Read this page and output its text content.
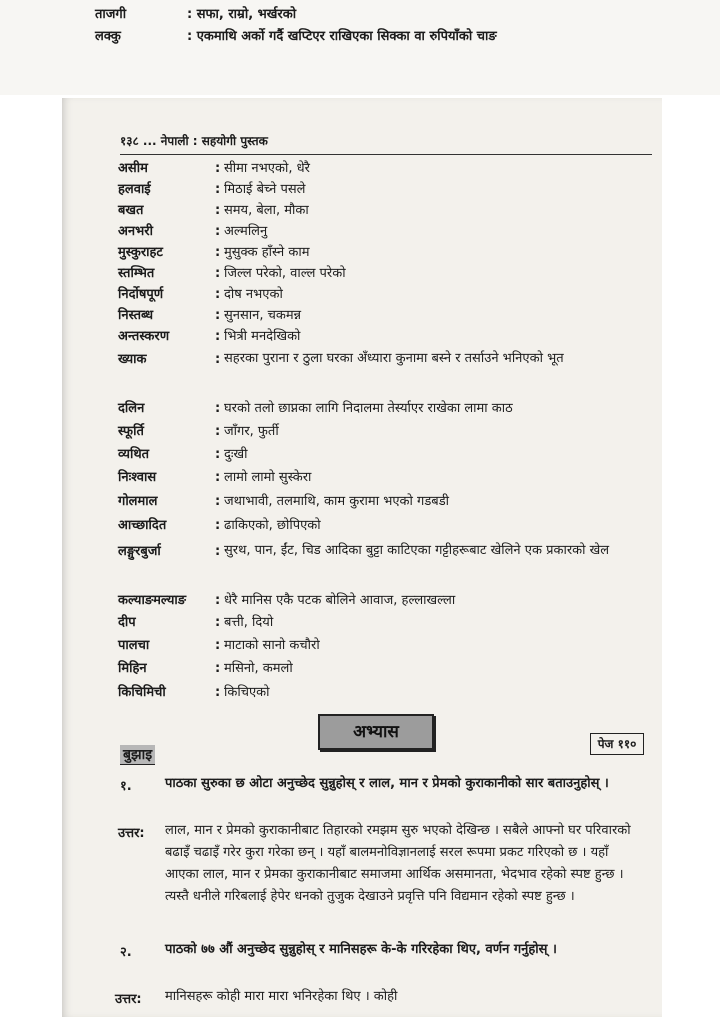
ताजगी	: सफा, राम्रो, भर्खरको
लक्कु	: एकमाथि अर्को गर्दै खप्टिएर राखिएका सिक्का वा रुपियाँको चाङ
१३८ ... नेपाली : सहयोगी पुस्तक
असीम	: सीमा नभएको, धेरै
हलवाई	: मिठाई बेच्ने पसले
बखत	: समय, बेला, मौका
अनभरी	: अल्मलिनु
मुस्कुराहट	: मुसुक्क हाँस्ने काम
स्तम्भित	: जिल्ल परेको, वाल्ल परेको
निर्दोषपूर्ण	: दोष नभएको
निस्तब्ध	: सुनसान, चकमन्न
अन्तस्करण	: भित्री मनदेखिको
ख्याक	: सहरका पुराना र ठुला घरका अँध्यारा कुनामा बस्ने र तर्साउने भनिएको भूत
दलिन	: घरको तलो छाप्नका लागि निदालमा तेर्स्याएर राखेका लामा काठ
स्फूर्ति	: जाँगर, फुर्ती
व्यथित	: दुःखी
निःश्वास	: लामो लामो सुस्केरा
गोलमाल	: जथाभावी, तलमाथि, काम कुरामा भएको गडबडी
आच्छादित	: ढाकिएको, छोपिएको
लङ्गुरबुर्जा	: सुरथ, पान, ईंट, चिड आदिका बुट्टा काटिएका गट्टीहरूबाट खेलिने एक प्रकारको खेल
कल्याङमल्याङ	: धेरै मानिस एकै पटक बोलिने आवाज, हल्लाखल्ला
दीप	: बत्ती, दियो
पालचा	: माटाको सानो कचौरो
मिहिन	: मसिनो, कमलो
किचिमिची	: किचिएको
अभ्यास
पेज ११०
बुझाइ
१.	पाठका सुरुका छ ओटा अनुच्छेद सुन्नुहोस् र लाल, मान र प्रेमको कुराकानीको सार बताउनुहोस् ।
उत्तर: लाल, मान र प्रेमको कुराकानीबाट तिहारको रमझम सुरु भएको देखिन्छ । सबैले आफ्नो घर परिवारको बढाइँ चढाइँ गरेर कुरा गरेका छन् । यहाँ बालमनोविज्ञानलाई सरल रूपमा प्रकट गरिएको छ । यहाँ आएका लाल, मान र प्रेमका कुराकानीबाट समाजमा आर्थिक असमानता, भेदभाव रहेको स्पष्ट हुन्छ । त्यस्तै धनीले गरिबलाई हेपेर धनको तुजुक देखाउने प्रवृत्ति पनि विद्यमान रहेको स्पष्ट हुन्छ ।
२.	पाठको ७७ औं अनुच्छेद सुन्नुहोस् र मानिसहरू के-के गरिरहेका थिए, वर्णन गर्नुहोस् ।
उत्तर: मानिसहरू कोही मारा मारा भनिरहेका थिए । कोही
